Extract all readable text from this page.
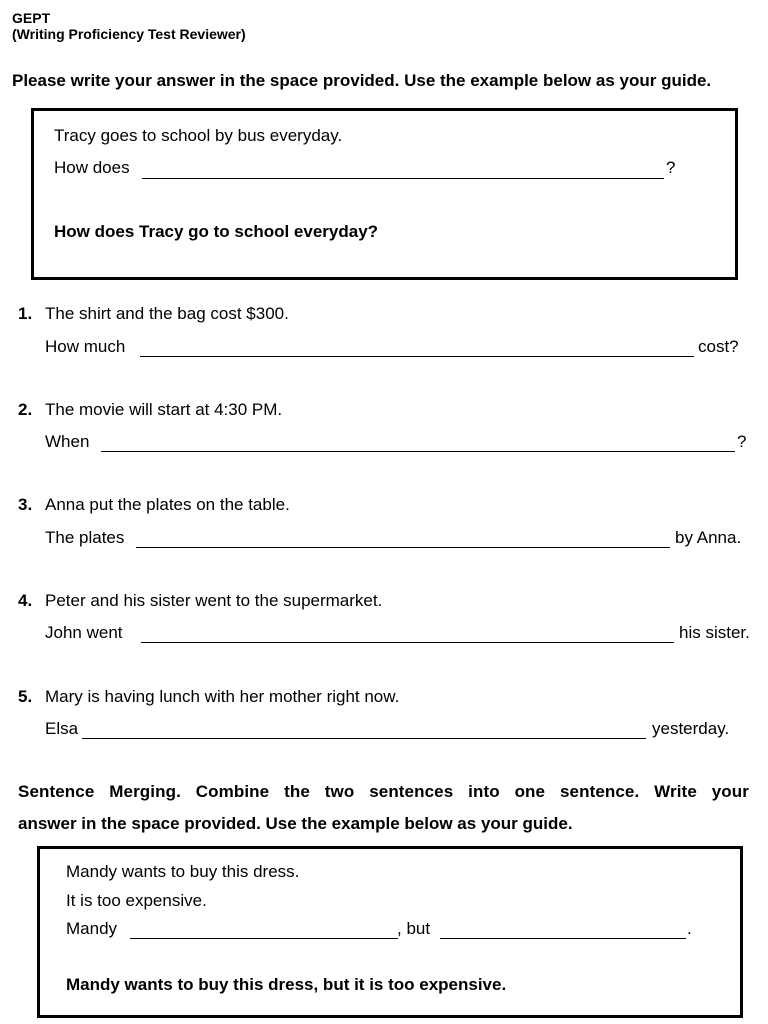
GEPT
(Writing Proficiency Test Reviewer)
Please write your answer in the space provided. Use the example below as your guide.
Tracy goes to school by bus everyday.
How does	?
How does Tracy go to school everyday?
1. The shirt and the bag cost $300.
How much	cost?
2. The movie will start at 4:30 PM.
When	?
3. Anna put the plates on the table.
The plates	by Anna.
4. Peter and his sister went to the supermarket.
John went	his sister.
5. Mary is having lunch with her mother right now.
Elsa	yesterday.
Sentence Merging. Combine the two sentences into one sentence. Write your
answer in the space provided. Use the example below as your guide.
Mandy wants to buy this dress.
It is too expensive.
Mandy	, but	.
Mandy wants to buy this dress, but it is too expensive.
